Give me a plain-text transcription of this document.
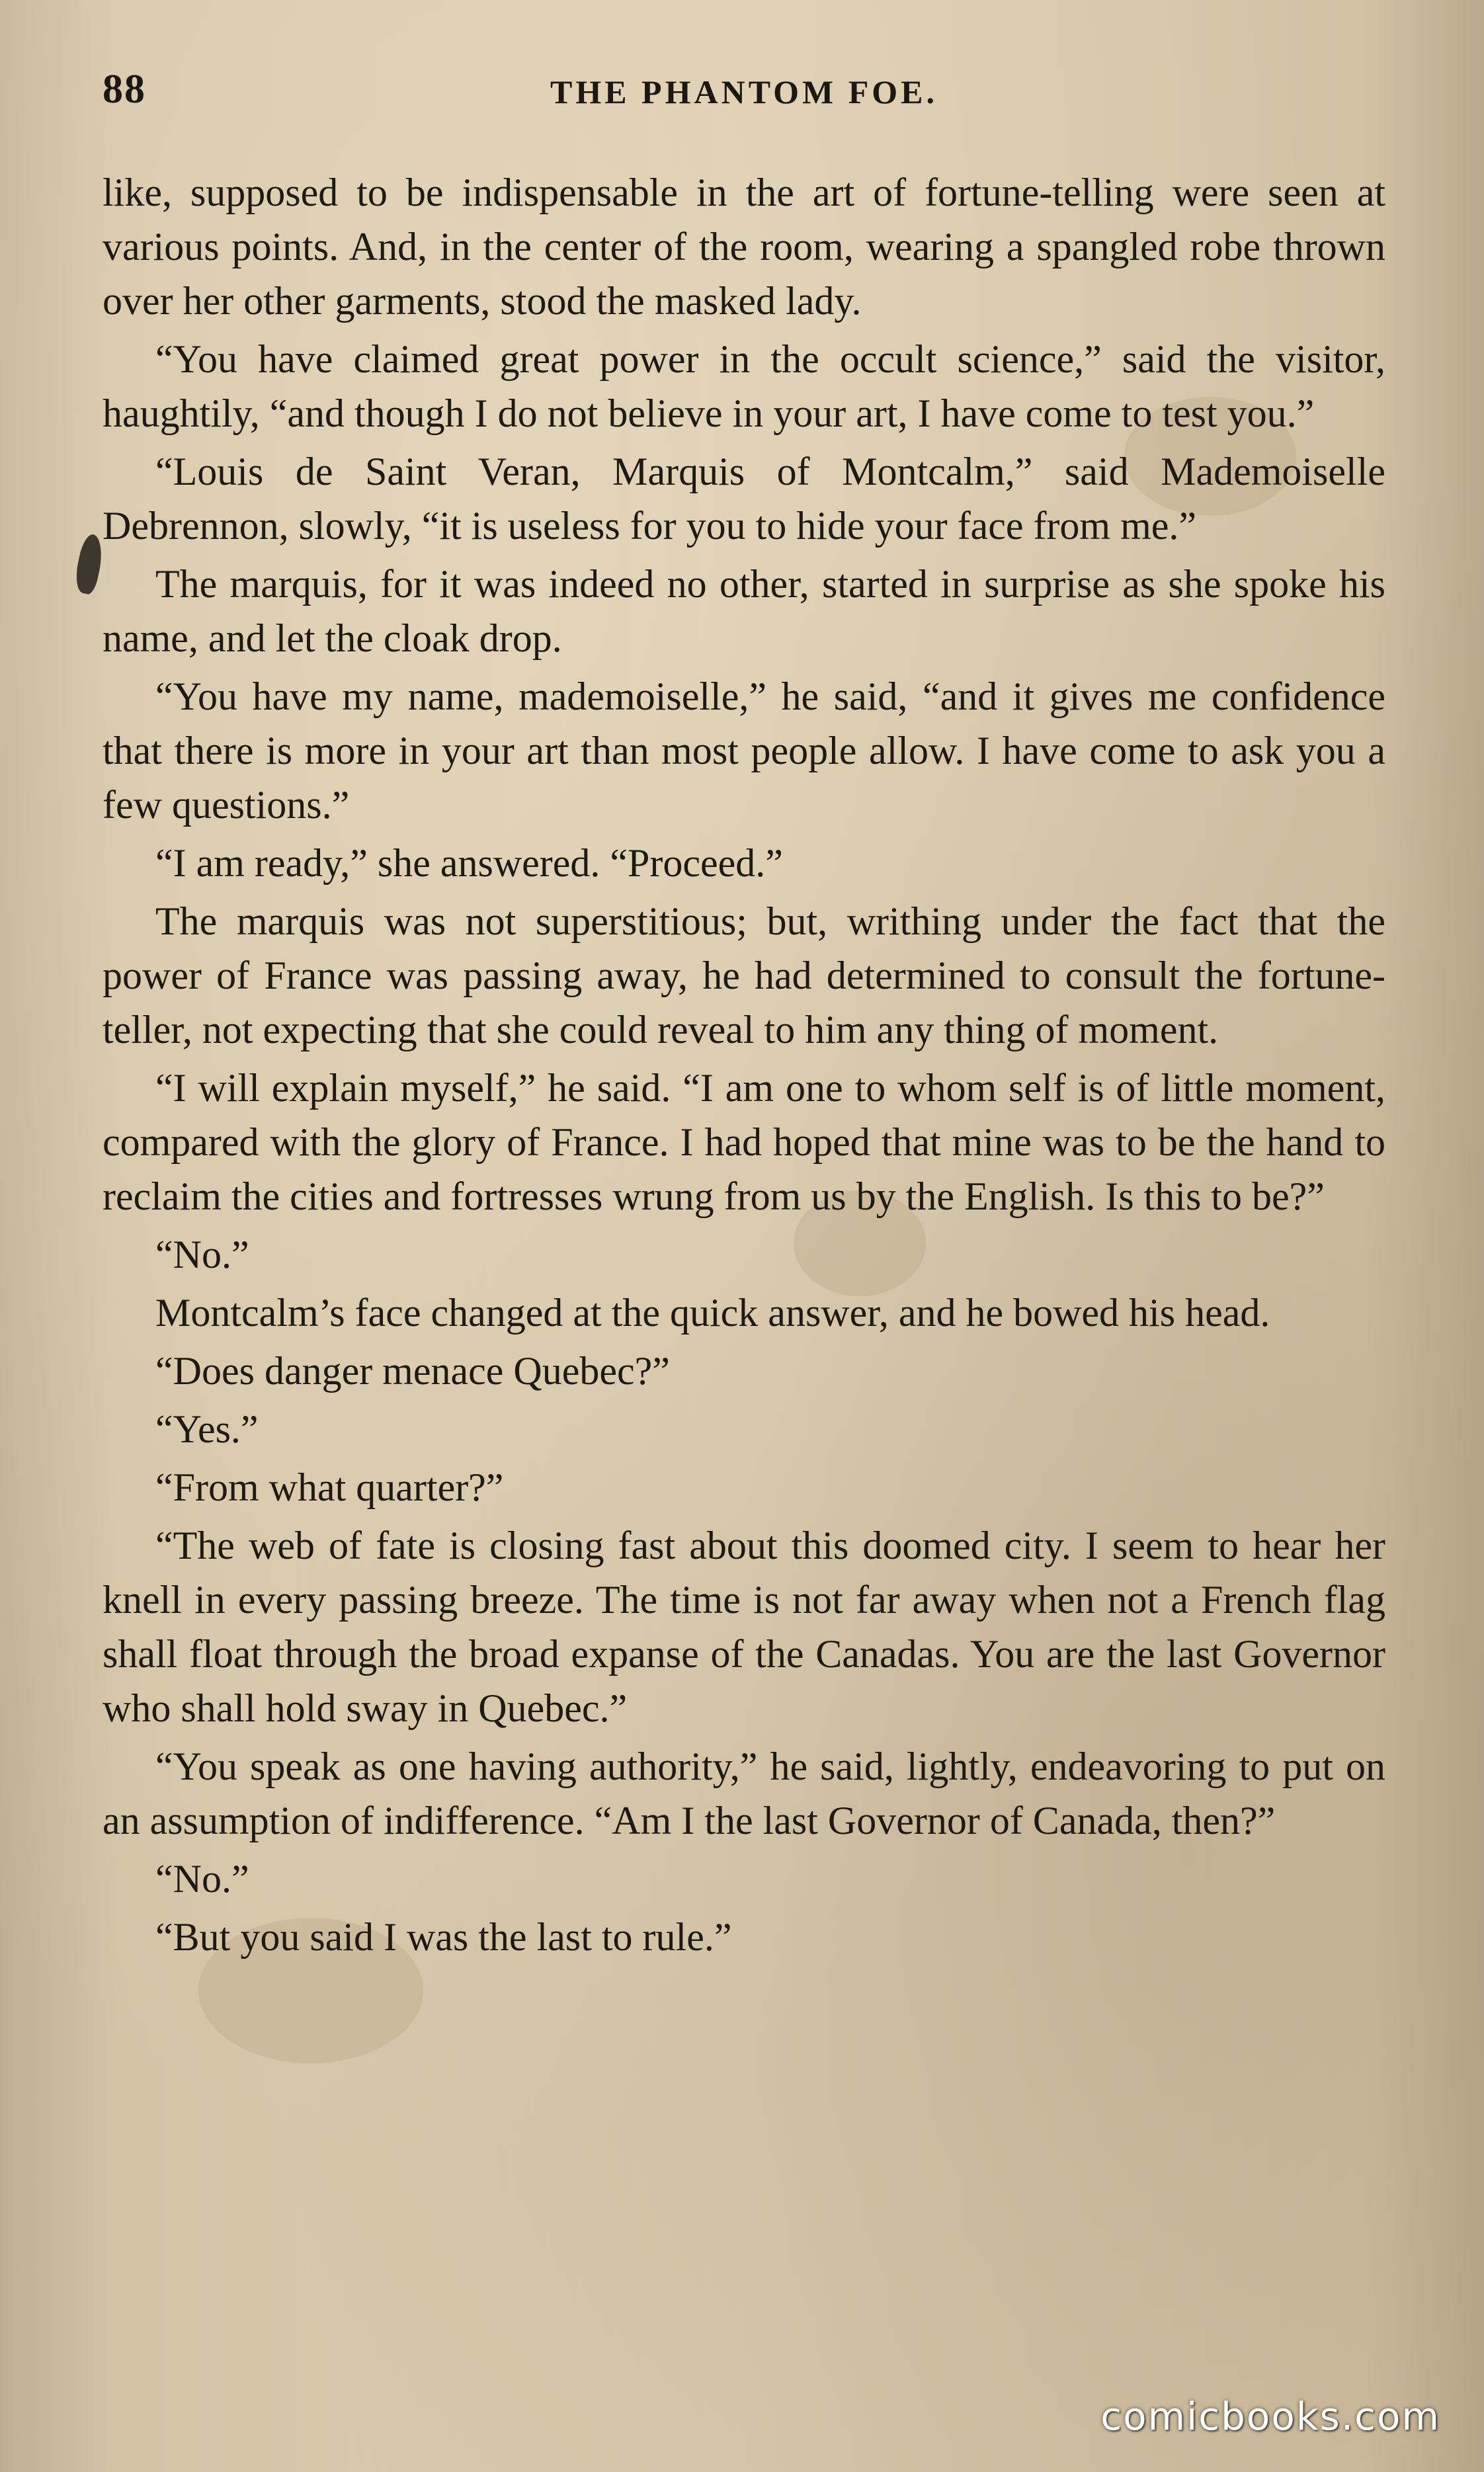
88	THE PHANTOM FOE.

like, supposed to be indispensable in the art of fortune-telling were seen at various points. And, in the center of the room, wearing a spangled robe thrown over her other garments, stood the masked lady.

“You have claimed great power in the occult science,” said the visitor, haughtily, “and though I do not believe in your art, I have come to test you.”

“Louis de Saint Veran, Marquis of Montcalm,” said Mademoiselle Debrennon, slowly, “it is useless for you to hide your face from me.”

The marquis, for it was indeed no other, started in surprise as she spoke his name, and let the cloak drop.

“You have my name, mademoiselle,” he said, “and it gives me confidence that there is more in your art than most people allow. I have come to ask you a few questions.”

“I am ready,” she answered. “Proceed.”

The marquis was not superstitious; but, writhing under the fact that the power of France was passing away, he had determined to consult the fortune-teller, not expecting that she could reveal to him any thing of moment.

“I will explain myself,” he said. “I am one to whom self is of little moment, compared with the glory of France. I had hoped that mine was to be the hand to reclaim the cities and fortresses wrung from us by the English. Is this to be?”

“No.”

Montcalm’s face changed at the quick answer, and he bowed his head.

“Does danger menace Quebec?”

“Yes.”

“From what quarter?”

“The web of fate is closing fast about this doomed city. I seem to hear her knell in every passing breeze. The time is not far away when not a French flag shall float through the broad expanse of the Canadas. You are the last Governor who shall hold sway in Quebec.”

“You speak as one having authority,” he said, lightly, endeavoring to put on an assumption of indifference. “Am I the last Governor of Canada, then?”

“No.”

“But you said I was the last to rule.”

comicbooks.com
